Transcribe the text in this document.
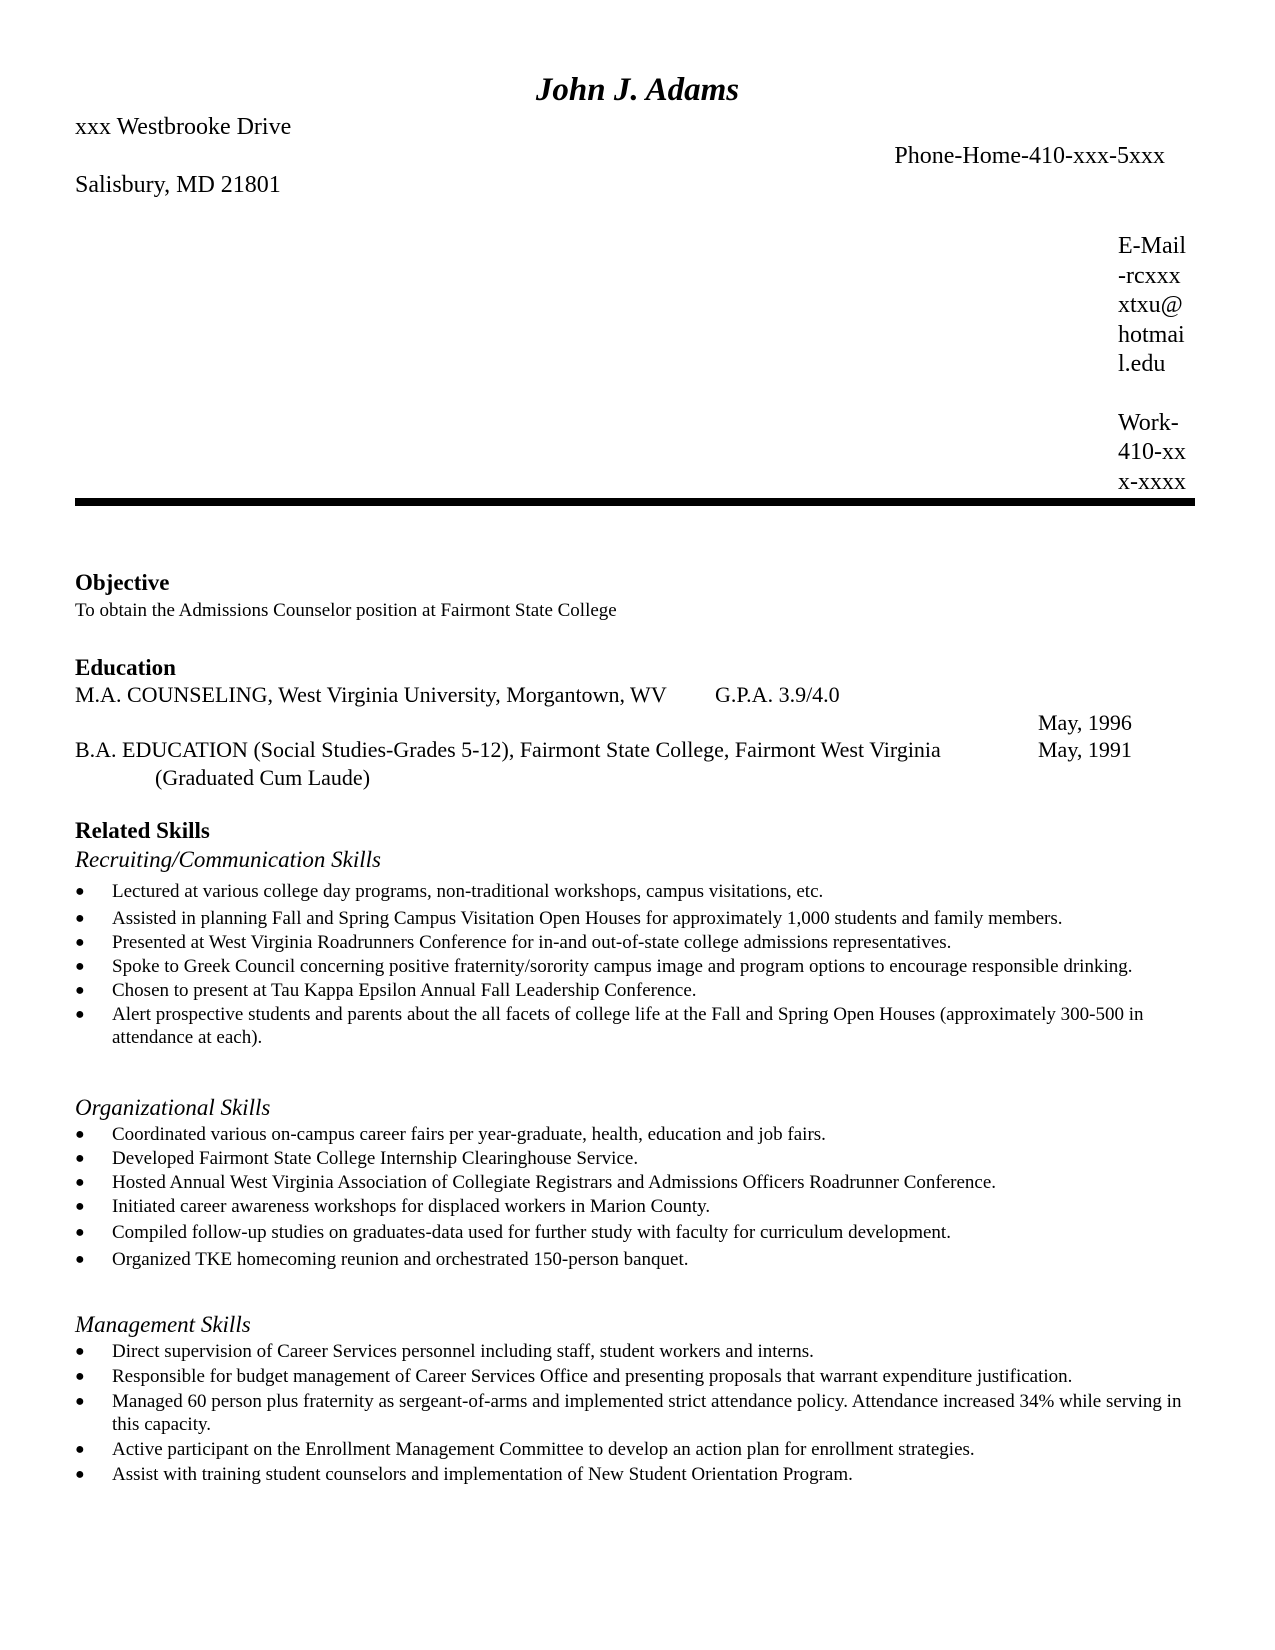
John J. Adams
xxx Westbrooke Drive
Phone-Home-410-xxx-5xxx
Salisbury, MD 21801
E-Mail
-rcxxx
xtxu@
hotmai
l.edu
Work-
410-xx
x-xxxx
Objective
To obtain the Admissions Counselor position at Fairmont State College
Education
M.A. COUNSELING, West Virginia University, Morgantown, WV G.P.A. 3.9/4.0
May, 1996
B.A. EDUCATION (Social Studies-Grades 5-12), Fairmont State College, Fairmont West Virginia	May, 1991
(Graduated Cum Laude)
Related Skills
Recruiting/Communication Skills
● Lectured at various college day programs, non-traditional workshops, campus visitations, etc.
● Assisted in planning Fall and Spring Campus Visitation Open Houses for approximately 1,000 students and family members.
● Presented at West Virginia Roadrunners Conference for in-and out-of-state college admissions representatives.
● Spoke to Greek Council concerning positive fraternity/sorority campus image and program options to encourage responsible drinking.
● Chosen to present at Tau Kappa Epsilon Annual Fall Leadership Conference.
● Alert prospective students and parents about the all facets of college life at the Fall and Spring Open Houses (approximately 300-500 in attendance at each).
Organizational Skills
● Coordinated various on-campus career fairs per year-graduate, health, education and job fairs.
● Developed Fairmont State College Internship Clearinghouse Service.
● Hosted Annual West Virginia Association of Collegiate Registrars and Admissions Officers Roadrunner Conference.
● Initiated career awareness workshops for displaced workers in Marion County.
● Compiled follow-up studies on graduates-data used for further study with faculty for curriculum development.
● Organized TKE homecoming reunion and orchestrated 150-person banquet.
Management Skills
● Direct supervision of Career Services personnel including staff, student workers and interns.
● Responsible for budget management of Career Services Office and presenting proposals that warrant expenditure justification.
● Managed 60 person plus fraternity as sergeant-of-arms and implemented strict attendance policy. Attendance increased 34% while serving in this capacity.
● Active participant on the Enrollment Management Committee to develop an action plan for enrollment strategies.
● Assist with training student counselors and implementation of New Student Orientation Program.
